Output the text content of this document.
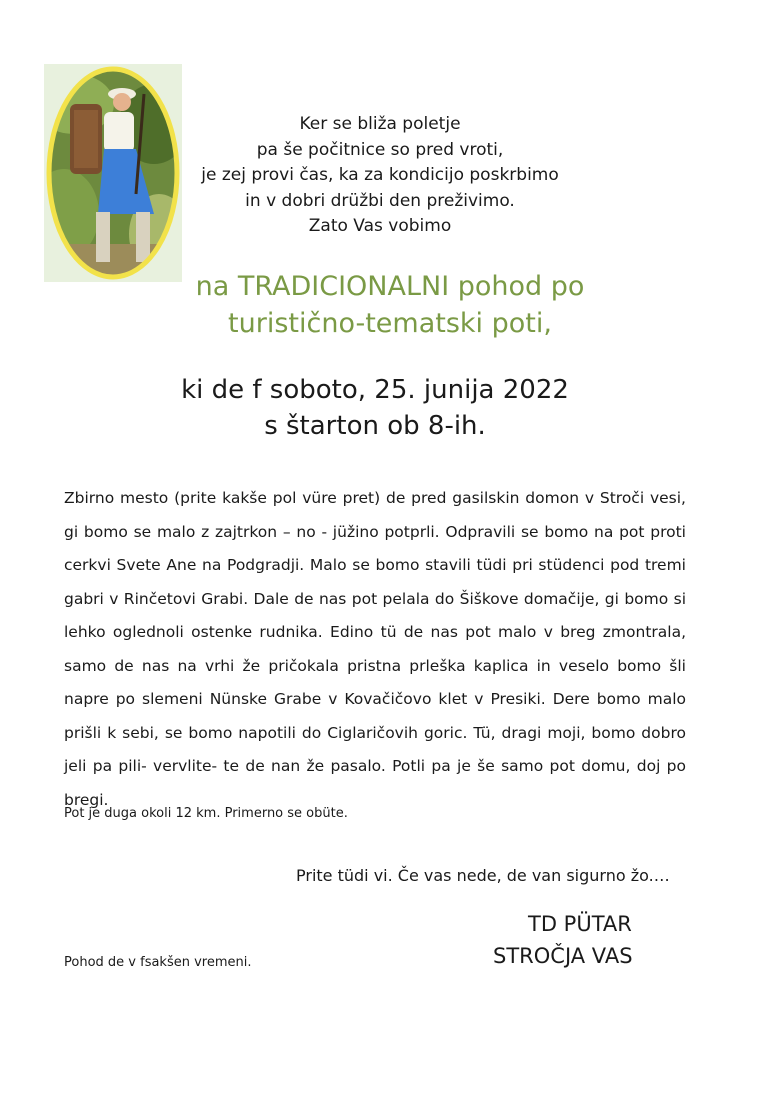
Ker se bliža poletje
pa še počitnice so pred vroti,
je zej provi čas, ka za kondicijo poskrbimo
in v dobri drüžbi den preživimo.
Zato Vas vobimo
na TRADICIONALNI pohod po
turistično-tematski poti,
ki de f soboto, 25. junija 2022
s štarton ob 8-ih.
Zbirno mesto (prite kakše pol vüre pret) de pred gasilskin domon v Stroči vesi, gi bomo se malo z zajtrkon – no - jüžino potprli. Odpravili se bomo na pot proti cerkvi Svete Ane na Podgradji. Malo se bomo stavili tüdi pri stüdenci pod tremi gabri v Rinčetovi Grabi. Dale de nas pot pelala do Šiškove domačije, gi bomo si lehko oglednoli ostenke rudnika. Edino tü de nas pot malo v breg zmontrala, samo de nas na vrhi že pričokala pristna prleška kaplica in veselo bomo šli napre po slemeni Nünske Grabe v Kovačičovo klet v Presiki. Dere bomo malo prišli k sebi, se bomo napotili do Ciglaričovih goric. Tü, dragi moji, bomo dobro jeli pa pili- vervlite- te de nan že pasalo. Potli pa je še samo pot domu, doj po bregi.
Pot je duga okoli 12 km. Primerno se obüte.
Prite tüdi vi. Če vas nede, de van sigurno žo.…
TD PÜTAR
STROČJA VAS
Pohod de v fsakšen vremeni.
